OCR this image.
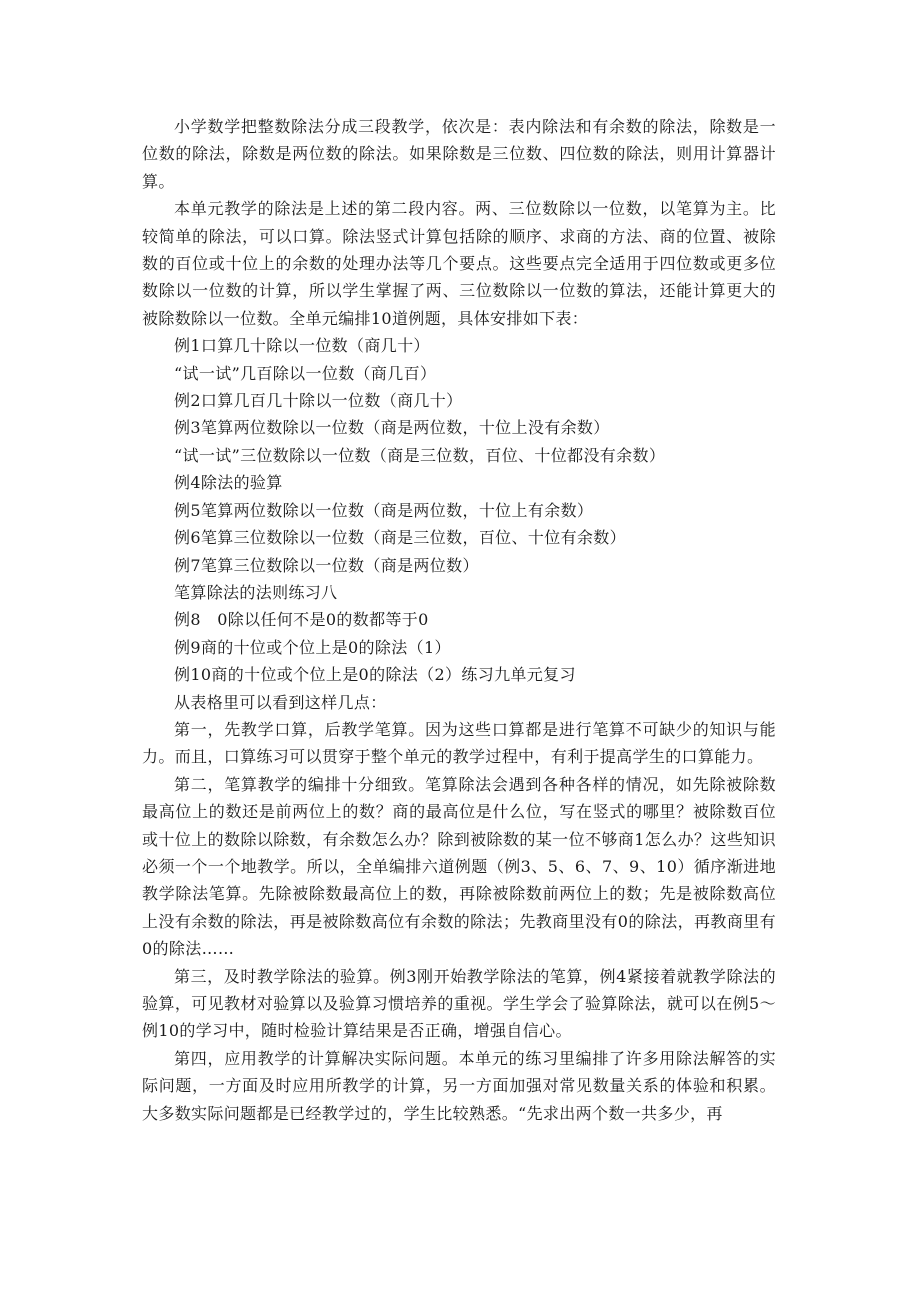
小学数学把整数除法分成三段教学，依次是：表内除法和有余数的除法，除数是一位数的除法，除数是两位数的除法。如果除数是三位数、四位数的除法，则用计算器计算。

本单元教学的除法是上述的第二段内容。两、三位数除以一位数，以笔算为主。比较简单的除法，可以口算。除法竖式计算包括除的顺序、求商的方法、商的位置、被除数的百位或十位上的余数的处理办法等几个要点。这些要点完全适用于四位数或更多位数除以一位数的计算，所以学生掌握了两、三位数除以一位数的算法，还能计算更大的被除数除以一位数。全单元编排10道例题，具体安排如下表：

例1口算几十除以一位数（商几十）

“试一试”几百除以一位数（商几百）

例2口算几百几十除以一位数（商几十）

例3笔算两位数除以一位数（商是两位数，十位上没有余数）

“试一试”三位数除以一位数（商是三位数，百位、十位都没有余数）

例4除法的验算

例5笔算两位数除以一位数（商是两位数，十位上有余数）

例6笔算三位数除以一位数（商是三位数，百位、十位有余数）

例7笔算三位数除以一位数（商是两位数）

笔算除法的法则练习八

例8　0除以任何不是0的数都等于0

例9商的十位或个位上是0的除法（1）

例10商的十位或个位上是0的除法（2）练习九单元复习

从表格里可以看到这样几点：

第一，先教学口算，后教学笔算。因为这些口算都是进行笔算不可缺少的知识与能力。而且，口算练习可以贯穿于整个单元的教学过程中，有利于提高学生的口算能力。

第二，笔算教学的编排十分细致。笔算除法会遇到各种各样的情况，如先除被除数最高位上的数还是前两位上的数？商的最高位是什么位，写在竖式的哪里？被除数百位或十位上的数除以除数，有余数怎么办？除到被除数的某一位不够商1怎么办？这些知识必须一个一个地教学。所以，全单编排六道例题（例3、5、6、7、9、10）循序渐进地教学除法笔算。先除被除数最高位上的数，再除被除数前两位上的数；先是被除数高位上没有余数的除法，再是被除数高位有余数的除法；先教商里没有0的除法，再教商里有0的除法……

第三，及时教学除法的验算。例3刚开始教学除法的笔算，例4紧接着就教学除法的验算，可见教材对验算以及验算习惯培养的重视。学生学会了验算除法，就可以在例5～例10的学习中，随时检验计算结果是否正确，增强自信心。

第四，应用教学的计算解决实际问题。本单元的练习里编排了许多用除法解答的实际问题，一方面及时应用所教学的计算，另一方面加强对常见数量关系的体验和积累。大多数实际问题都是已经教学过的，学生比较熟悉。“先求出两个数一共多少，再
